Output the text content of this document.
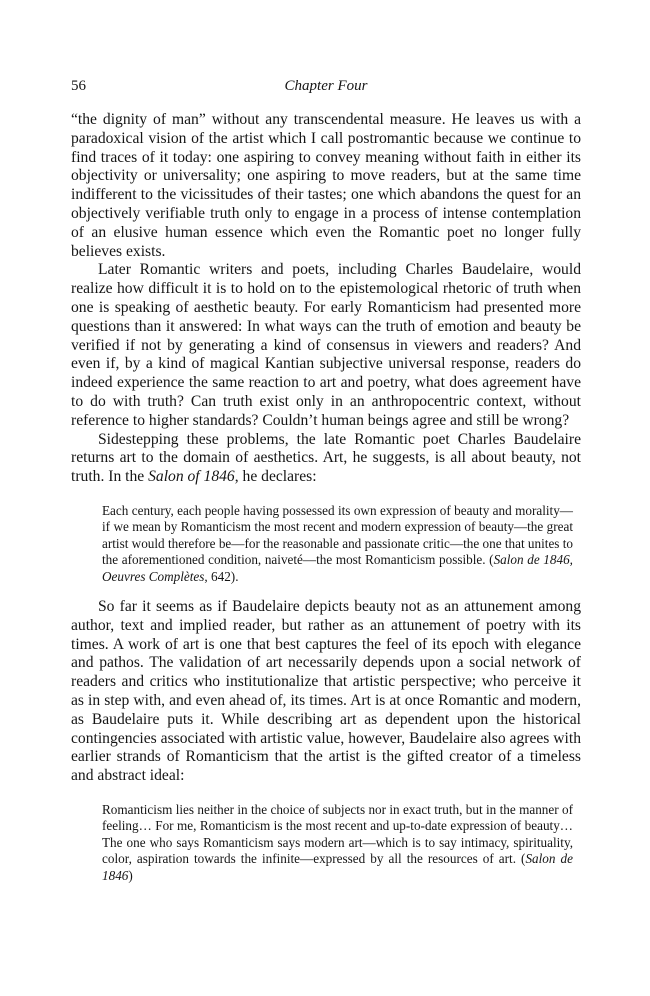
56	Chapter Four

“the dignity of man” without any transcendental measure. He leaves us with a paradoxical vision of the artist which I call postromantic because we continue to find traces of it today: one aspiring to convey meaning without faith in either its objectivity or universality; one aspiring to move readers, but at the same time indifferent to the vicissitudes of their tastes; one which abandons the quest for an objectively verifiable truth only to engage in a process of intense contemplation of an elusive human essence which even the Romantic poet no longer fully believes exists.

Later Romantic writers and poets, including Charles Baudelaire, would realize how difficult it is to hold on to the epistemological rhetoric of truth when one is speaking of aesthetic beauty. For early Romanticism had presented more questions than it answered: In what ways can the truth of emotion and beauty be verified if not by generating a kind of consensus in viewers and readers? And even if, by a kind of magical Kantian subjective universal response, readers do indeed experience the same reaction to art and poetry, what does agreement have to do with truth? Can truth exist only in an anthropocentric context, without reference to higher standards? Couldn’t human beings agree and still be wrong?

Sidestepping these problems, the late Romantic poet Charles Baudelaire returns art to the domain of aesthetics. Art, he suggests, is all about beauty, not truth. In the Salon of 1846, he declares:

Each century, each people having possessed its own expression of beauty and morality—if we mean by Romanticism the most recent and modern expression of beauty—the great artist would therefore be—for the reasonable and passionate critic—the one that unites to the aforementioned condition, naiveté—the most Romanticism possible. (Salon de 1846, Oeuvres Complètes, 642).

So far it seems as if Baudelaire depicts beauty not as an attunement among author, text and implied reader, but rather as an attunement of poetry with its times. A work of art is one that best captures the feel of its epoch with elegance and pathos. The validation of art necessarily depends upon a social network of readers and critics who institutionalize that artistic perspective; who perceive it as in step with, and even ahead of, its times. Art is at once Romantic and modern, as Baudelaire puts it. While describing art as dependent upon the historical contingencies associated with artistic value, however, Baudelaire also agrees with earlier strands of Romanticism that the artist is the gifted creator of a timeless and abstract ideal:

Romanticism lies neither in the choice of subjects nor in exact truth, but in the manner of feeling… For me, Romanticism is the most recent and up-to-date expression of beauty… The one who says Romanticism says modern art—which is to say intimacy, spirituality, color, aspiration towards the infinite—expressed by all the resources of art. (Salon de 1846)
